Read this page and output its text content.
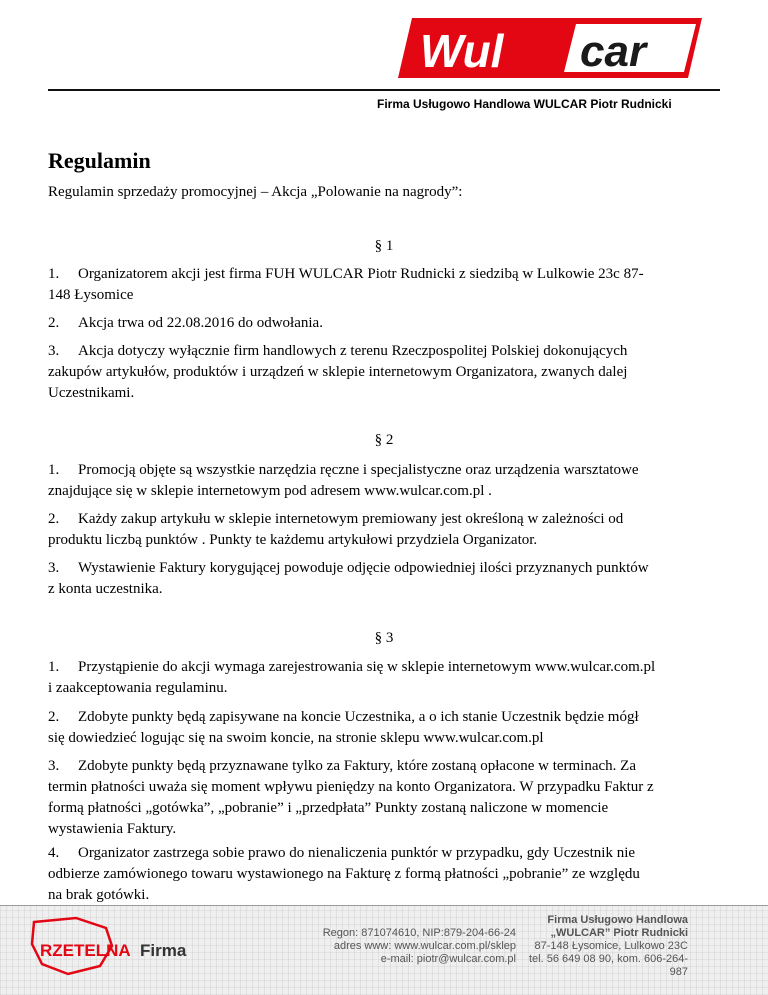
Wul car
Firma Usługowo Handlowa WULCAR Piotr Rudnicki
Regulamin
Regulamin sprzedaży promocyjnej – Akcja „Polowanie na nagrody”:
§ 1
1. Organizatorem akcji jest firma FUH WULCAR Piotr Rudnicki z siedzibą w Lulkowie 23c 87-
148 Łysomice
2. Akcja trwa od 22.08.2016 do odwołania.
3. Akcja dotyczy wyłącznie firm handlowych z terenu Rzeczpospolitej Polskiej dokonujących
zakupów artykułów, produktów i urządzeń w sklepie internetowym Organizatora, zwanych dalej
Uczestnikami.
§ 2
1. Promocją objęte są wszystkie narzędzia ręczne i specjalistyczne oraz urządzenia warsztatowe
znajdujące się w sklepie internetowym pod adresem www.wulcar.com.pl .
2. Każdy zakup artykułu w sklepie internetowym premiowany jest określoną w zależności od
produktu liczbą punktów . Punkty te każdemu artykułowi przydziela Organizator.
3. Wystawienie Faktury korygującej powoduje odjęcie odpowiedniej ilości przyznanych punktów
z konta uczestnika.
§ 3
1. Przystąpienie do akcji wymaga zarejestrowania się w sklepie internetowym www.wulcar.com.pl
i zaakceptowania regulaminu.
2. Zdobyte punkty będą zapisywane na koncie Uczestnika, a o ich stanie Uczestnik będzie mógł
się dowiedzieć logując się na swoim koncie, na stronie sklepu www.wulcar.com.pl
3. Zdobyte punkty będą przyznawane tylko za Faktury, które zostaną opłacone w terminach. Za
termin płatności uważa się moment wpływu pieniędzy na konto Organizatora. W przypadku Faktur z
formą płatności „gotówka”, „pobranie” i „przedpłata” Punkty zostaną naliczone w momencie
wystawienia Faktury.
4. Organizator zastrzega sobie prawo do nienaliczenia punktór w przypadku, gdy Uczestnik nie
odbierze zamówionego towaru wystawionego na Fakturę z formą płatności „pobranie” ze względu
na brak gotówki.
RZETELNA Firma
Regon: 871074610, NIP:879-204-66-24
adres www: www.wulcar.com.pl/sklep
e-mail: piotr@wulcar.com.pl
Firma Usługowo Handlowa
„WULCAR” Piotr Rudnicki
87-148 Łysomice, Lulkowo 23C
tel. 56 649 08 90, kom. 606-264-987
